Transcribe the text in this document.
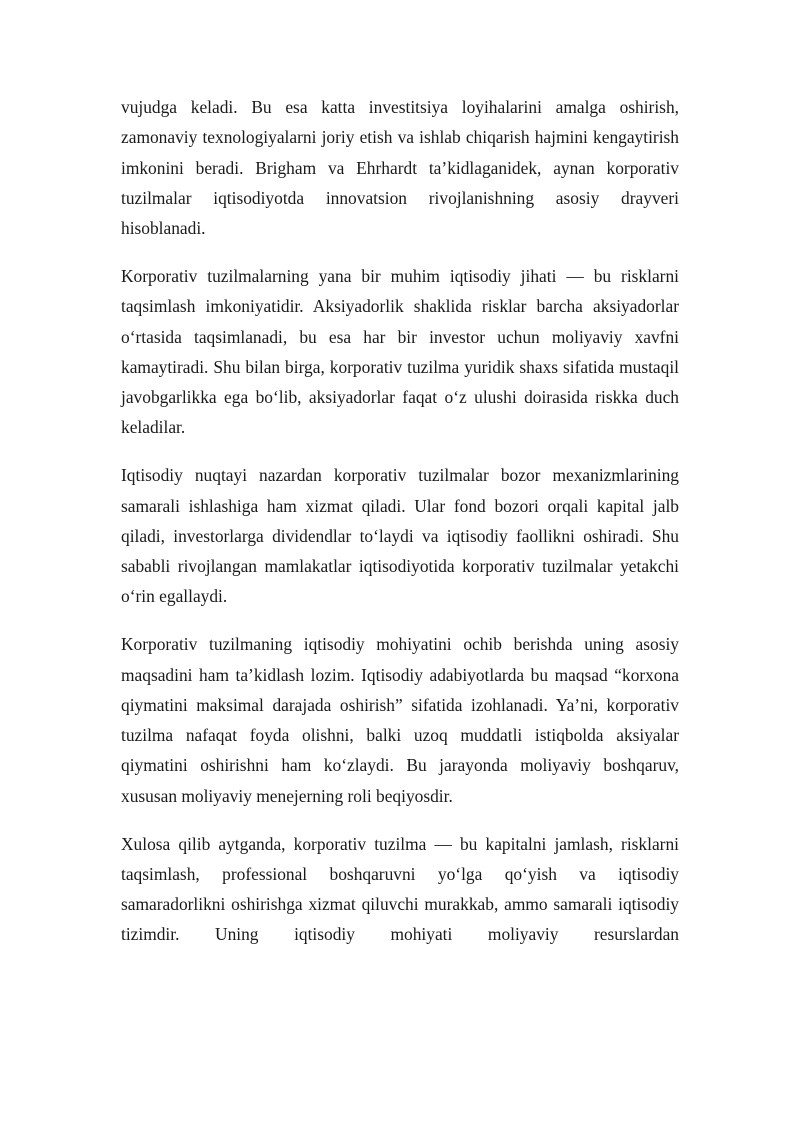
vujudga keladi. Bu esa katta investitsiya loyihalarini amalga oshirish, zamonaviy texnologiyalarni joriy etish va ishlab chiqarish hajmini kengaytirish imkonini beradi. Brigham va Ehrhardt ta’kidlaganidek, aynan korporativ tuzilmalar iqtisodiyotda innovatsion rivojlanishning asosiy drayveri hisoblanadi.

Korporativ tuzilmalarning yana bir muhim iqtisodiy jihati — bu risklarni taqsimlash imkoniyatidir. Aksiyadorlik shaklida risklar barcha aksiyadorlar o‘rtasida taqsimlanadi, bu esa har bir investor uchun moliyaviy xavfni kamaytiradi. Shu bilan birga, korporativ tuzilma yuridik shaxs sifatida mustaqil javobgarlikka ega bo‘lib, aksiyadorlar faqat o‘z ulushi doirasida riskka duch keladilar.

Iqtisodiy nuqtayi nazardan korporativ tuzilmalar bozor mexanizmlarining samarali ishlashiga ham xizmat qiladi. Ular fond bozori orqali kapital jalb qiladi, investorlarga dividendlar to‘laydi va iqtisodiy faollikni oshiradi. Shu sababli rivojlangan mamlakatlar iqtisodiyotida korporativ tuzilmalar yetakchi o‘rin egallaydi.

Korporativ tuzilmaning iqtisodiy mohiyatini ochib berishda uning asosiy maqsadini ham ta’kidlash lozim. Iqtisodiy adabiyotlarda bu maqsad “korxona qiymatini maksimal darajada oshirish” sifatida izohlanadi. Ya’ni, korporativ tuzilma nafaqat foyda olishni, balki uzoq muddatli istiqbolda aksiyalar qiymatini oshirishni ham ko‘zlaydi. Bu jarayonda moliyaviy boshqaruv, xususan moliyaviy menejerning roli beqiyosdir.

Xulosa qilib aytganda, korporativ tuzilma — bu kapitalni jamlash, risklarni taqsimlash, professional boshqaruvni yo‘lga qo‘yish va iqtisodiy samaradorlikni oshirishga xizmat qiluvchi murakkab, ammo samarali iqtisodiy tizimdir. Uning iqtisodiy mohiyati moliyaviy resurslardan
